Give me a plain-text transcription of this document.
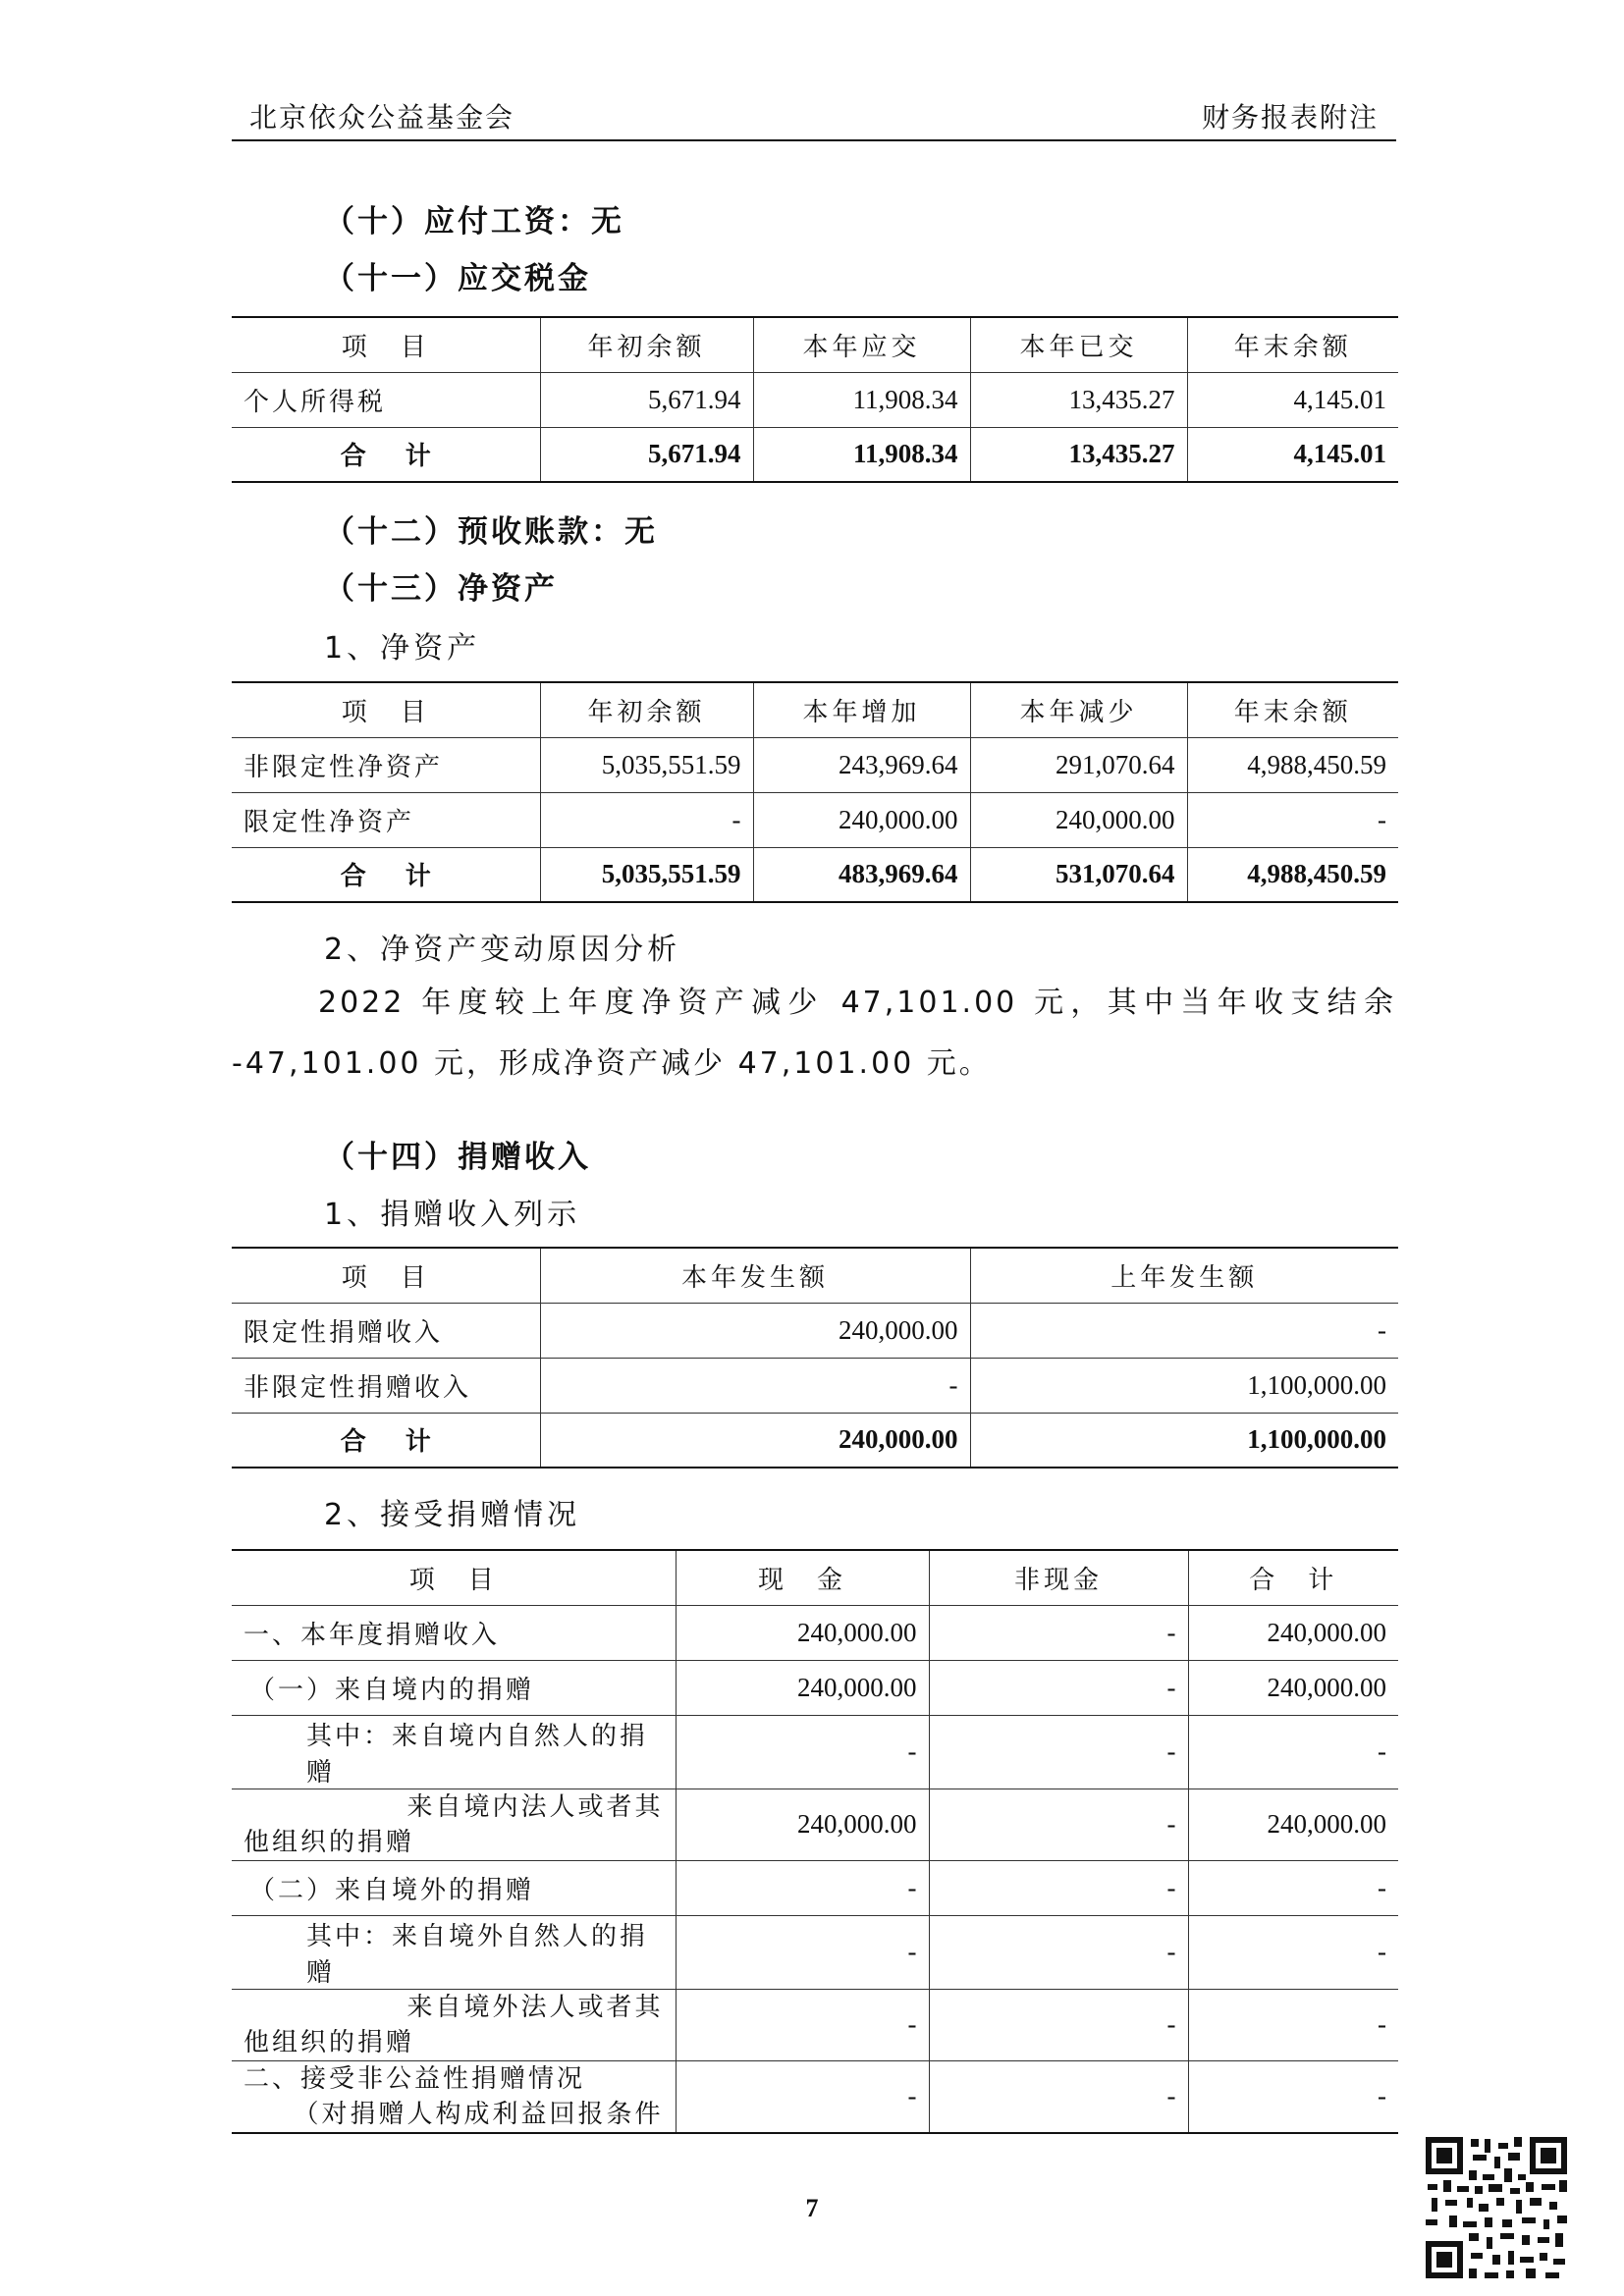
北京依众公益基金会	财务报表附注
（十）应付工资：无
（十一）应交税金
项　目	年初余额	本年应交	本年已交	年末余额
个人所得税	5,671.94	11,908.34	13,435.27	4,145.01
合计	5,671.94	11,908.34	13,435.27	4,145.01
（十二）预收账款：无
（十三）净资产
1、净资产
项　目	年初余额	本年增加	本年减少	年末余额
非限定性净资产	5,035,551.59	243,969.64	291,070.64	4,988,450.59
限定性净资产	-	240,000.00	240,000.00	-
合计	5,035,551.59	483,969.64	531,070.64	4,988,450.59
2、净资产变动原因分析
2022 年度较上年度净资产减少 47,101.00 元，其中当年收支结余
-47,101.00 元，形成净资产减少 47,101.00 元。
（十四）捐赠收入
1、捐赠收入列示
项　目	本年发生额	上年发生额
限定性捐赠收入	240,000.00	-
非限定性捐赠收入	-	1,100,000.00
合计	240,000.00	1,100,000.00
2、接受捐赠情况
项　目	现　金	非现金	合　计
一、本年度捐赠收入	240,000.00	-	240,000.00
（一）来自境内的捐赠	240,000.00	-	240,000.00
其中：来自境内自然人的捐赠	-	-	-

来自境内法人或者其
他组织的捐赠	240,000.00	-	240,000.00
（二）来自境外的捐赠	-	-	-
其中：来自境外自然人的捐赠	-	-	-

来自境外法人或者其
他组织的捐赠	-	-	-

二、接受非公益性捐赠情况
（对捐赠人构成利益回报条件	-	-	-
7
